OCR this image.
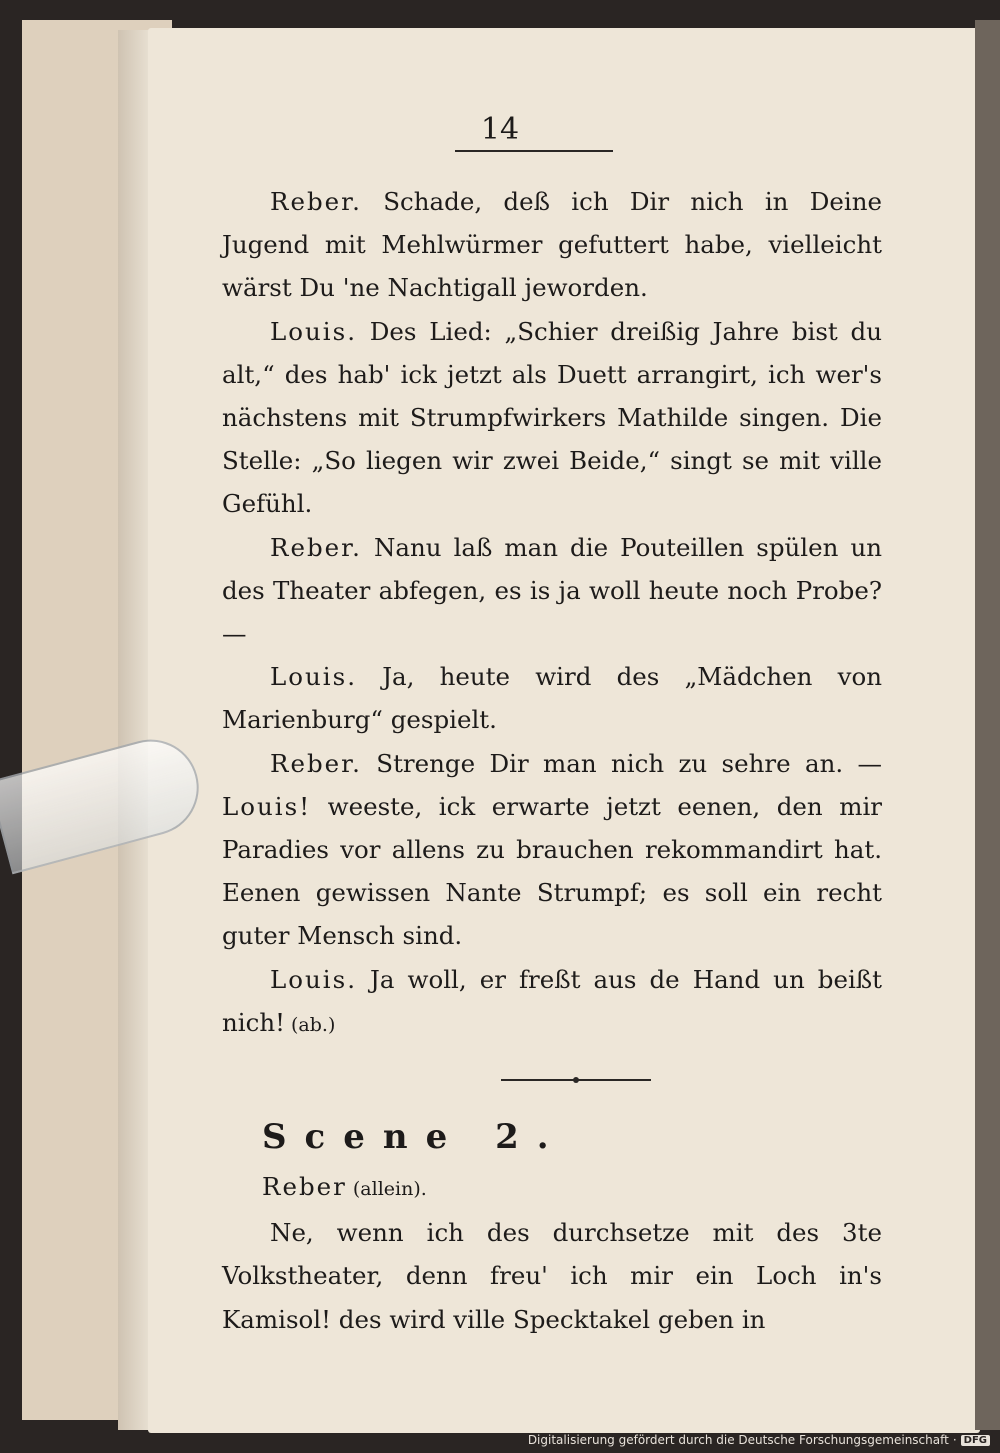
14

Reber. Schade, deß ich Dir nich in Deine Jugend mit Mehlwürmer gefuttert habe, vielleicht wärst Du 'ne Nachtigall jeworden.

Louis. Des Lied: „Schier dreißig Jahre bist du alt,“ des hab' ick jetzt als Duett arrangirt, ich wer's nächstens mit Strumpfwirkers Mathilde singen. Die Stelle: „So liegen wir zwei Beide,“ singt se mit ville Gefühl.

Reber. Nanu laß man die Pouteillen spülen un des Theater abfegen, es is ja woll heute noch Probe? —

Louis. Ja, heute wird des „Mädchen von Marienburg“ gespielt.

Reber. Strenge Dir man nich zu sehre an. — Louis! weeste, ick erwarte jetzt eenen, den mir Paradies vor allens zu brauchen rekommandirt hat. Eenen gewissen Nante Strumpf; es soll ein recht guter Mensch sind.

Louis. Ja woll, er freßt aus de Hand un beißt nich! (ab.)

Scene 2.

Reber (allein).

Ne, wenn ich des durchsetze mit des 3te Volkstheater, denn freu' ich mir ein Loch in's Kamisol! des wird ville Specktakel geben in

Digitalisierung gefördert durch die Deutsche Forschungsgemeinschaft · DFG
